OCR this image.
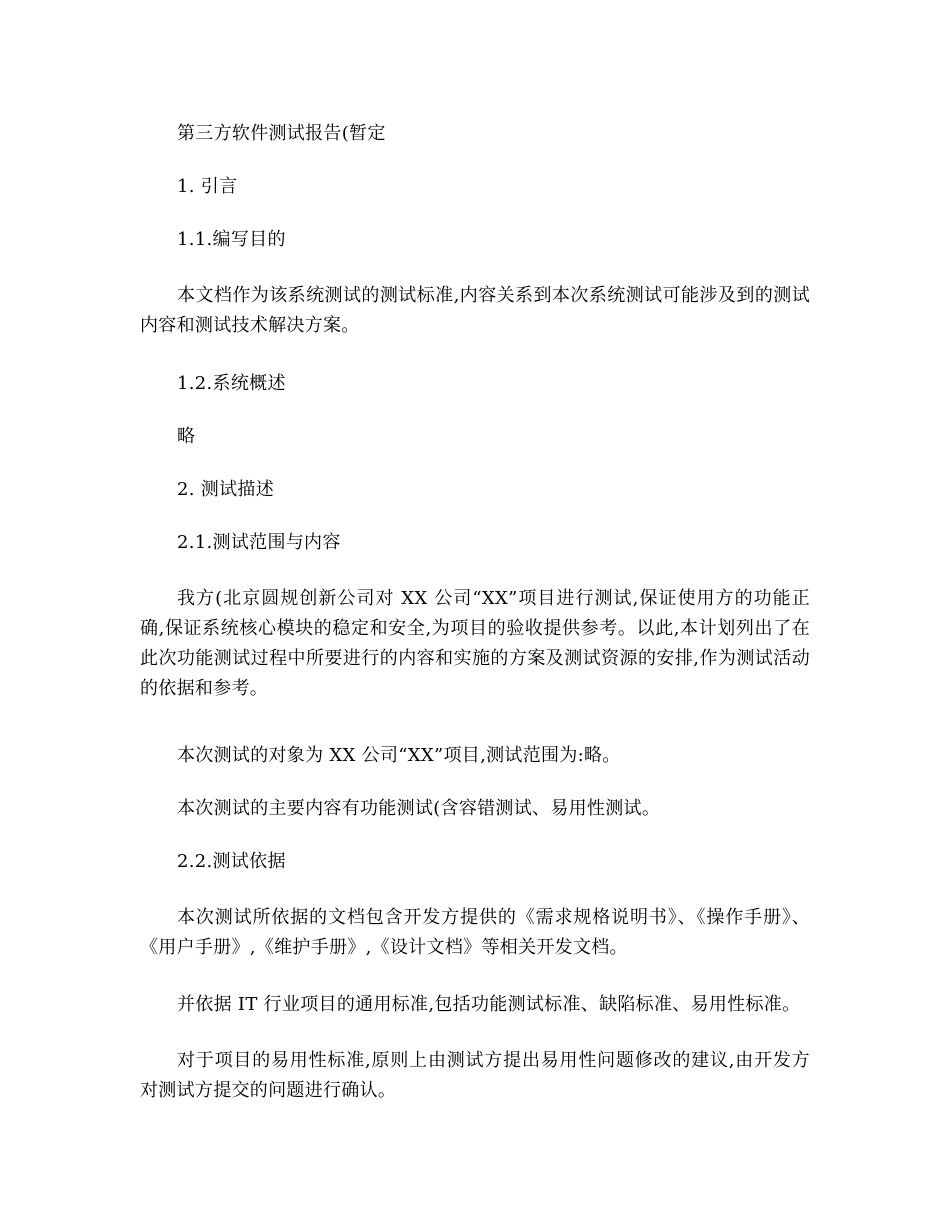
第三方软件测试报告(暂定
1. 引言
1.1.编写目的
本文档作为该系统测试的测试标准,内容关系到本次系统测试可能涉及到的测试内容和测试技术解决方案。
1.2.系统概述
略
2. 测试描述
2.1.测试范围与内容
我方(北京圆规创新公司对 XX 公司“XX”项目进行测试,保证使用方的功能正确,保证系统核心模块的稳定和安全,为项目的验收提供参考。以此,本计划列出了在此次功能测试过程中所要进行的内容和实施的方案及测试资源的安排,作为测试活动的依据和参考。
本次测试的对象为 XX 公司“XX”项目,测试范围为:略。
本次测试的主要内容有功能测试(含容错测试、易用性测试。
2.2.测试依据
本次测试所依据的文档包含开发方提供的《需求规格说明书》、《操作手册》、《用户手册》,《维护手册》,《设计文档》等相关开发文档。
并依据 IT 行业项目的通用标准,包括功能测试标准、缺陷标准、易用性标准。
对于项目的易用性标准,原则上由测试方提出易用性问题修改的建议,由开发方对测试方提交的问题进行确认。
